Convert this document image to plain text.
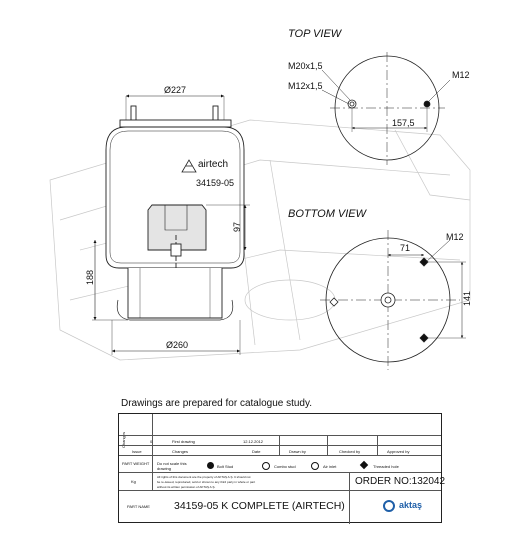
TOP VIEW
BOTTOM VIEW
Ø227
Ø260
97
188
M20x1,5
M12x1,5
M12
157,5
M12
71
141
airtech
34159-05
Drawings are prepared for catalogue study.
Changes	0	First drawing	12.12.2012
Issue	Changes	Date	Drawn by	Checked by	Approved by
PART WEIGHT	Do not scale this drawing	Bolt Stud	Combo stud	Air inlet	Threaded hole
Kg
All rights of this document are the property of AKTAŞ A.Ş. It should not
be re-issued, reproduced, sold or shown to any third party in whole or part
without its written permission of AKTAŞ A.Ş.	ORDER NO:132042
PART NAME 34159-05 K COMPLETE (AIRTECH)	aktaş
